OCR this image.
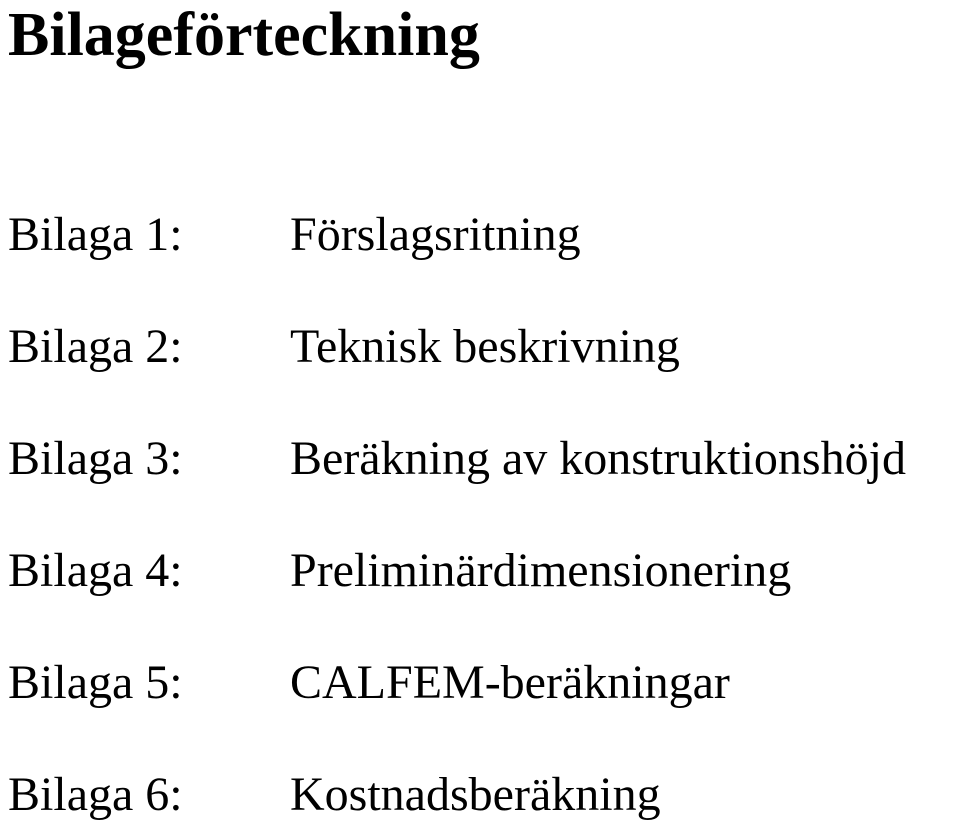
Bilageförteckning
Bilaga 1: Förslagsritning
Bilaga 2: Teknisk beskrivning
Bilaga 3: Beräkning av konstruktionshöjd
Bilaga 4: Preliminärdimensionering
Bilaga 5: CALFEM-beräkningar
Bilaga 6: Kostnadsberäkning
